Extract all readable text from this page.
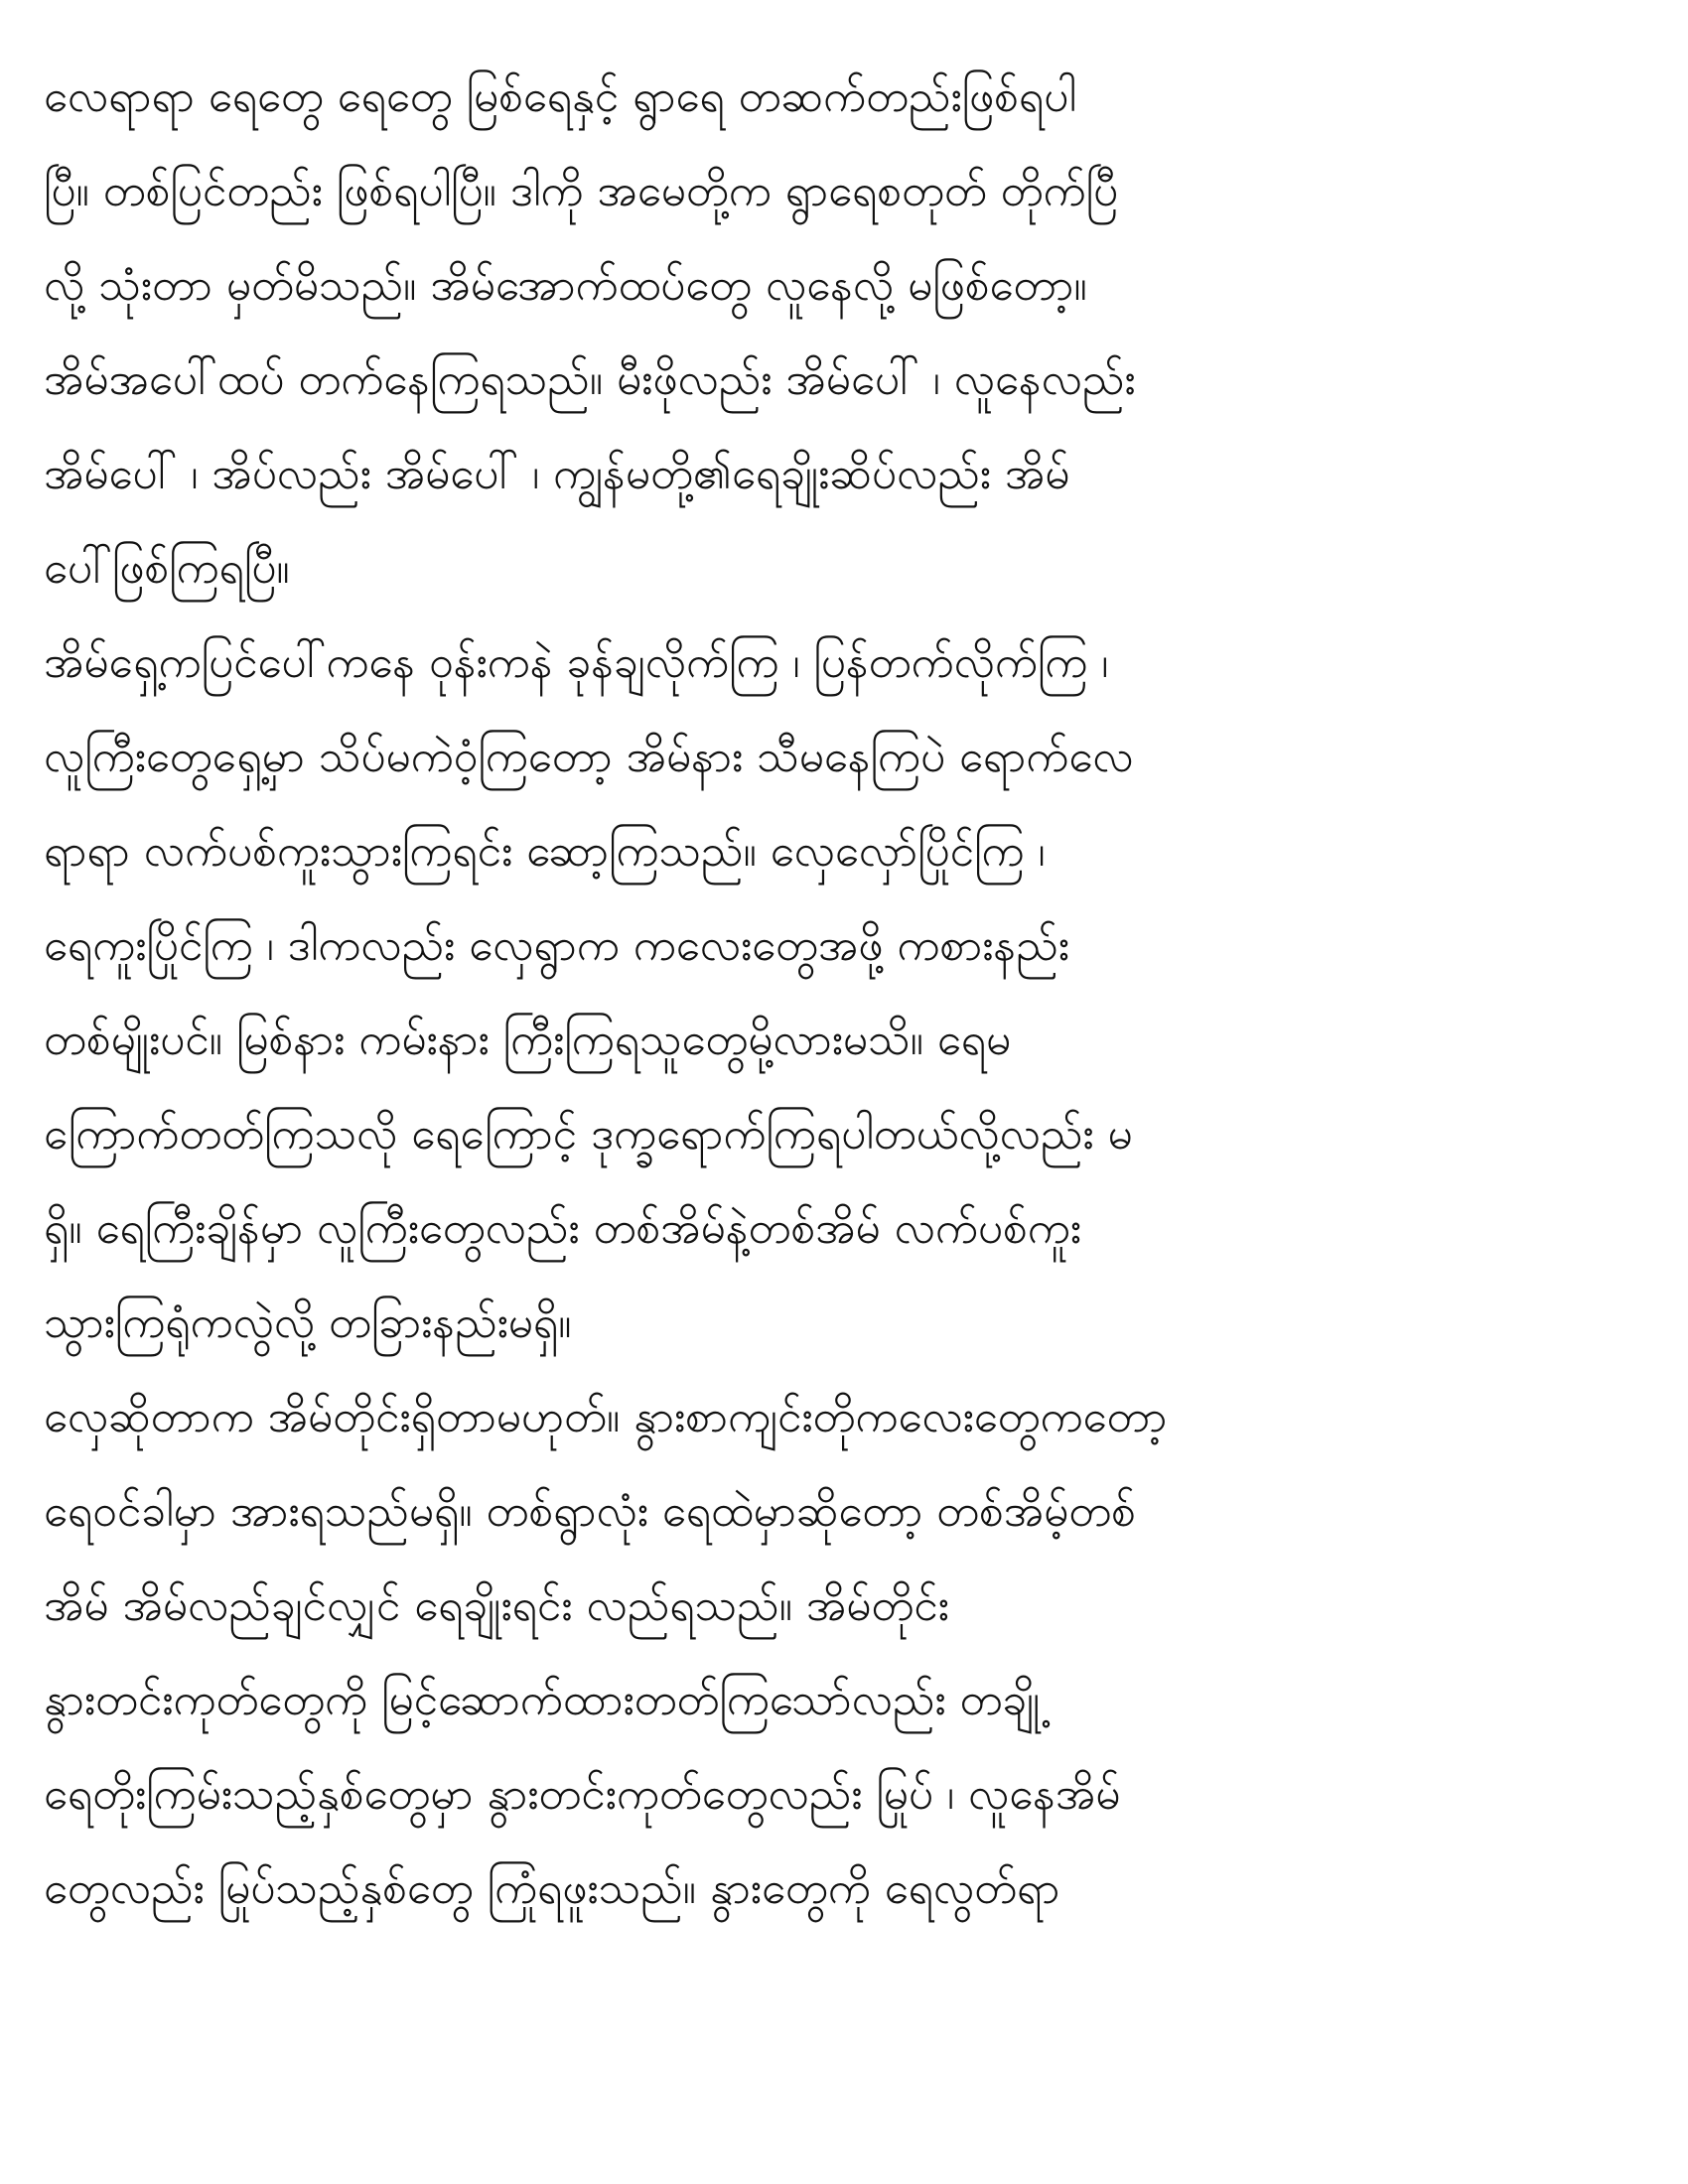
လေရာရာ ရေတွေ ရေတွေ မြစ်ရေနှင့် ရွာရေ တဆက်တည်းဖြစ်ရပါ
ပြီ။ တစ်ပြင်တည်း ဖြစ်ရပါပြီ။ ဒါကို အမေတို့က ရွာရေစတုတ် တိုက်ပြီ
လို့ သုံးတာ မှတ်မိသည်။ အိမ်အောက်ထပ်တွေ လူနေလို့ မဖြစ်တော့။
အိမ်အပေါ်ထပ် တက်နေကြရသည်။ မီးဖိုလည်း အိမ်ပေါ် ၊ လူနေလည်း
အိမ်ပေါ် ၊ အိပ်လည်း အိမ်ပေါ် ၊ ကျွန်မတို့၏ရေချိုးဆိပ်လည်း အိမ်
ပေါ်ဖြစ်ကြရပြီ။
အိမ်ရှေ့ကပြင်ပေါ်ကနေ ဝုန်းကနဲ ခုန်ချလိုက်ကြ ၊ ပြန်တက်လိုက်ကြ ၊
လူကြီးတွေရှေ့မှာ သိပ်မကဲဝံ့ကြတော့ အိမ်နား သီမနေကြပဲ ရောက်လေ
ရာရာ လက်ပစ်ကူးသွားကြရင်း ဆော့ကြသည်။ လှေလှော်ပြိုင်ကြ ၊
ရေကူးပြိုင်ကြ ၊ ဒါကလည်း လှေရွာက ကလေးတွေအဖို့ ကစားနည်း
တစ်မျိုးပင်။ မြစ်နား ကမ်းနား ကြီးကြရသူတွေမို့လားမသိ။ ရေမ
ကြောက်တတ်ကြသလို ရေကြောင့် ဒုက္ခရောက်ကြရပါတယ်လို့လည်း မ
ရှိ။ ရေကြီးချိန်မှာ လူကြီးတွေလည်း တစ်အိမ်နဲ့တစ်အိမ် လက်ပစ်ကူး
သွားကြရုံကလွဲလို့ တခြားနည်းမရှိ။
လှေဆိုတာက အိမ်တိုင်းရှိတာမဟုတ်။ နွားစာကျင်းတိုကလေးတွေကတော့
ရေဝင်ခါမှာ အားရသည်မရှိ။ တစ်ရွာလုံး ရေထဲမှာဆိုတော့ တစ်အိမ့်တစ်
အိမ် အိမ်လည်ချင်လျှင် ရေချိုးရင်း လည်ရသည်။ အိမ်တိုင်း
နွားတင်းကုတ်တွေကို မြင့်ဆောက်ထားတတ်ကြသော်လည်း တချို့
ရေတိုးကြမ်းသည့်နှစ်တွေမှာ နွားတင်းကုတ်တွေလည်း မြုပ် ၊ လူနေအိမ်
တွေလည်း မြုပ်သည့်နှစ်တွေ ကြုံရဖူးသည်။ နွားတွေကို ရေလွတ်ရာ
